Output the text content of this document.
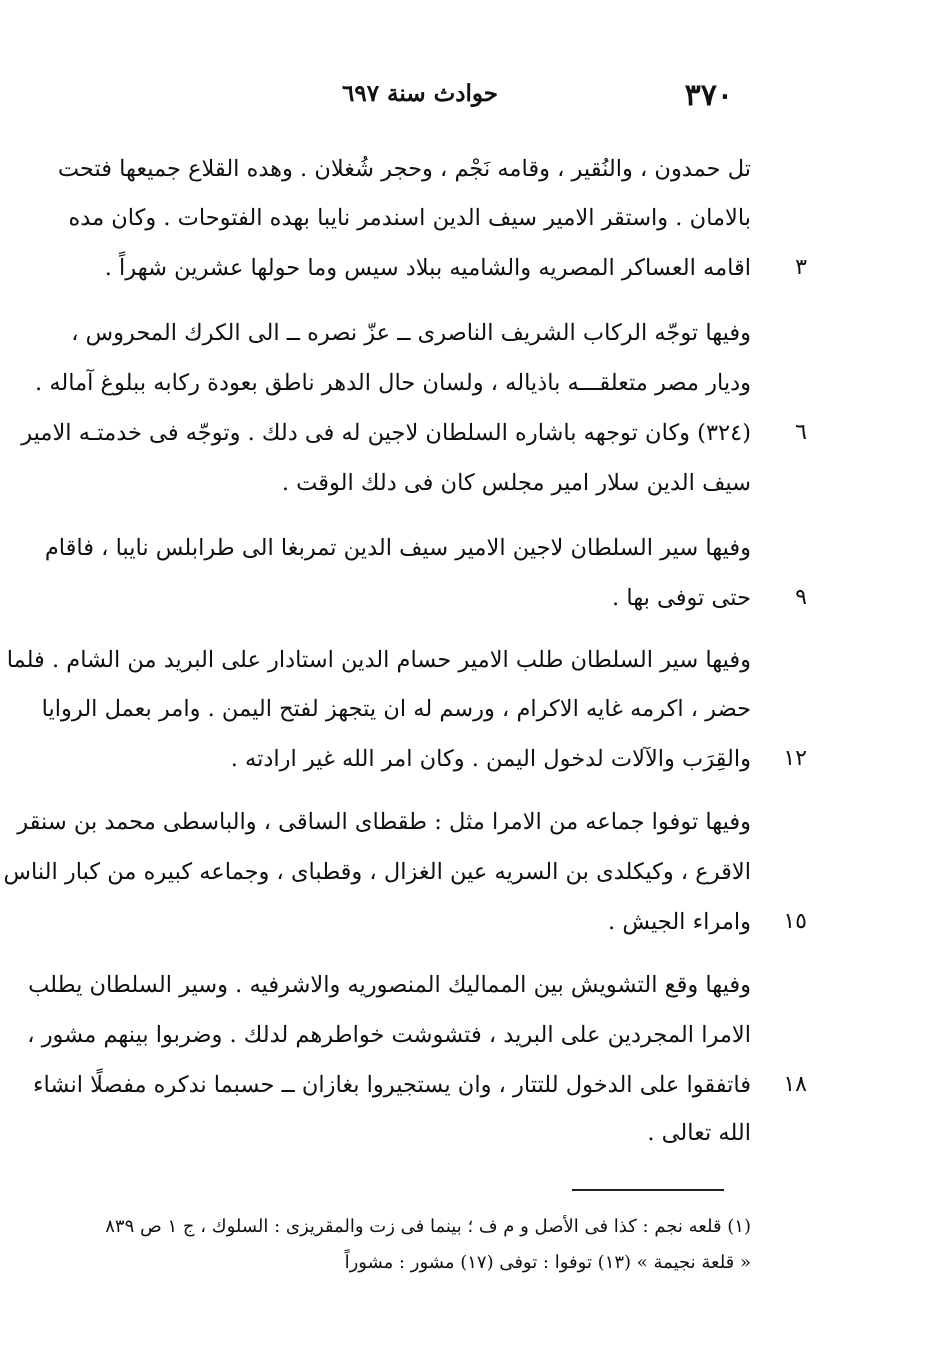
٣٧٠
حوادث سنة ٦٩٧
تل حمدون ، والنُقير ، وقامه نَجْم ، وحجر شُغلان . وهده القلاع جميعها فتحت
بالامان . واستقر الامير سيف الدين اسندمر نايبا بهده الفتوحات . وكان مده
اقامه العساكر المصريه والشاميه ببلاد سيس وما حولها عشرين شهراً .	٣
وفيها توجّه الركاب الشريف الناصرى ــ عزّ نصره ــ الى الكرك المحروس ،
وديار مصر متعلقـــه باذياله ، ولسان حال الدهر ناطق بعودة ركابه ببلوغ آماله .
(٣٢٤) وكان توجهه باشاره السلطان لاجين له فى دلك . وتوجّه فى خدمتـه الامير	٦
سيف الدين سلار امير مجلس كان فى دلك الوقت .
وفيها سير السلطان لاجين الامير سيف الدين تمربغا الى طرابلس نايبا ، فاقام
حتى توفى بها .	٩
وفيها سير السلطان طلب الامير حسام الدين استادار على البريد من الشام . فلما
حضر ، اكرمه غايه الاكرام ، ورسم له ان يتجهز لفتح اليمن . وامر بعمل الروايا
والقِرَب والآلات لدخول اليمن . وكان امر الله غير ارادته .	١٢
وفيها توفوا جماعه من الامرا مثل : طقطاى الساقى ، والباسطى محمد بن سنقر
الاقرع ، وكيكلدى بن السريه عين الغزال ، وقطباى ، وجماعه كبيره من كبار الناس
وامراء الجيش .	١٥
وفيها وقع التشويش بين المماليك المنصوريه والاشرفيه . وسير السلطان يطلب
الامرا المجردين على البريد ، فتشوشت خواطرهم لدلك . وضربوا بينهم مشور ،
فاتفقوا على الدخول للتتار ، وان يستجيروا بغازان ــ حسبما ندكره مفصلًا انشاء	١٨
الله تعالى .
(١) قلعه نجم : كذا فى الأصل و م ف ؛ بينما فى زت والمقريزى : السلوك ، ج ١ ص ٨٣٩
« قلعة نجيمة » (١٣) توفوا : توفى (١٧) مشور : مشوراً
